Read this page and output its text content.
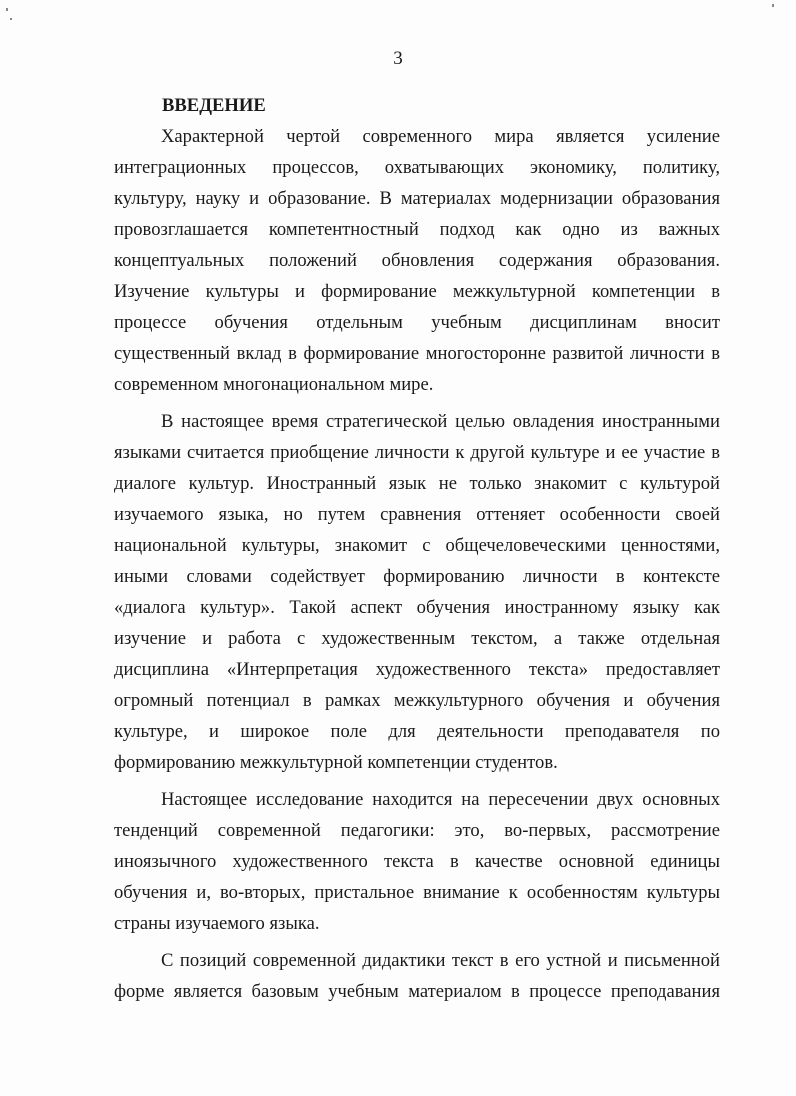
3

ВВЕДЕНИЕ

Характерной чертой современного мира является усиление
интеграционных процессов, охватывающих экономику, политику,
культуру, науку и образование. В материалах модернизации образования
провозглашается компетентностный подход как одно из важных
концептуальных положений обновления содержания образования.
Изучение культуры и формирование межкультурной компетенции в
процессе обучения отдельным учебным дисциплинам вносит
существенный вклад в формирование многосторонне развитой личности в
современном многонациональном мире.
В настоящее время стратегической целью овладения иностранными
языками считается приобщение личности к другой культуре и ее участие в
диалоге культур. Иностранный язык не только знакомит с культурой
изучаемого языка, но путем сравнения оттеняет особенности своей
национальной культуры, знакомит с общечеловеческими ценностями,
иными словами содействует формированию личности в контексте
«диалога культур». Такой аспект обучения иностранному языку как
изучение и работа с художественным текстом, а также отдельная
дисциплина «Интерпретация художественного текста» предоставляет
огромный потенциал в рамках межкультурного обучения и обучения
культуре, и широкое поле для деятельности преподавателя по
формированию межкультурной компетенции студентов.
Настоящее исследование находится на пересечении двух основных
тенденций современной педагогики: это, во-первых, рассмотрение
иноязычного художественного текста в качестве основной единицы
обучения и, во-вторых, пристальное внимание к особенностям культуры
страны изучаемого языка.
С позиций современной дидактики текст в его устной и письменной
форме является базовым учебным материалом в процессе преподавания
